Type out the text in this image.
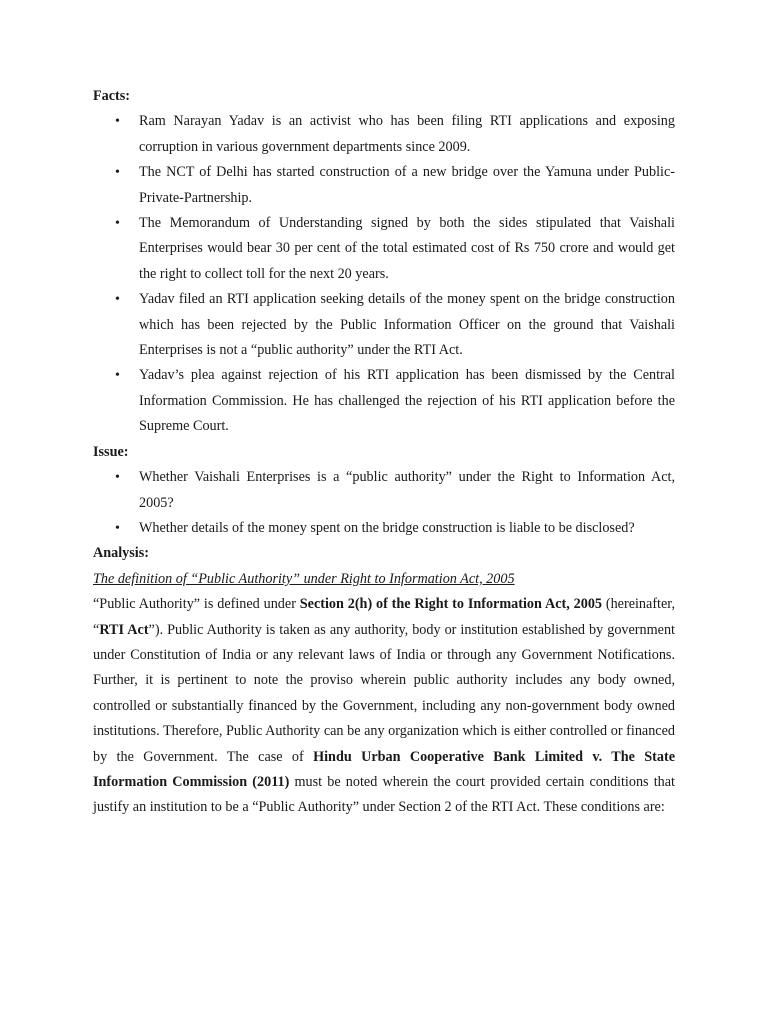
Facts:

• Ram Narayan Yadav is an activist who has been filing RTI applications and exposing corruption in various government departments since 2009.
• The NCT of Delhi has started construction of a new bridge over the Yamuna under Public-Private-Partnership.
• The Memorandum of Understanding signed by both the sides stipulated that Vaishali Enterprises would bear 30 per cent of the total estimated cost of Rs 750 crore and would get the right to collect toll for the next 20 years.
• Yadav filed an RTI application seeking details of the money spent on the bridge construction which has been rejected by the Public Information Officer on the ground that Vaishali Enterprises is not a “public authority” under the RTI Act.
• Yadav’s plea against rejection of his RTI application has been dismissed by the Central Information Commission. He has challenged the rejection of his RTI application before the Supreme Court.

Issue:

• Whether Vaishali Enterprises is a “public authority” under the Right to Information Act, 2005?
• Whether details of the money spent on the bridge construction is liable to be disclosed?

Analysis:

The definition of “Public Authority” under Right to Information Act, 2005

“Public Authority” is defined under Section 2(h) of the Right to Information Act, 2005 (hereinafter, “RTI Act”). Public Authority is taken as any authority, body or institution established by government under Constitution of India or any relevant laws of India or through any Government Notifications. Further, it is pertinent to note the proviso wherein public authority includes any body owned, controlled or substantially financed by the Government, including any non-government body owned institutions. Therefore, Public Authority can be any organization which is either controlled or financed by the Government. The case of Hindu Urban Cooperative Bank Limited v. The State Information Commission (2011) must be noted wherein the court provided certain conditions that justify an institution to be a “Public Authority” under Section 2 of the RTI Act. These conditions are:
